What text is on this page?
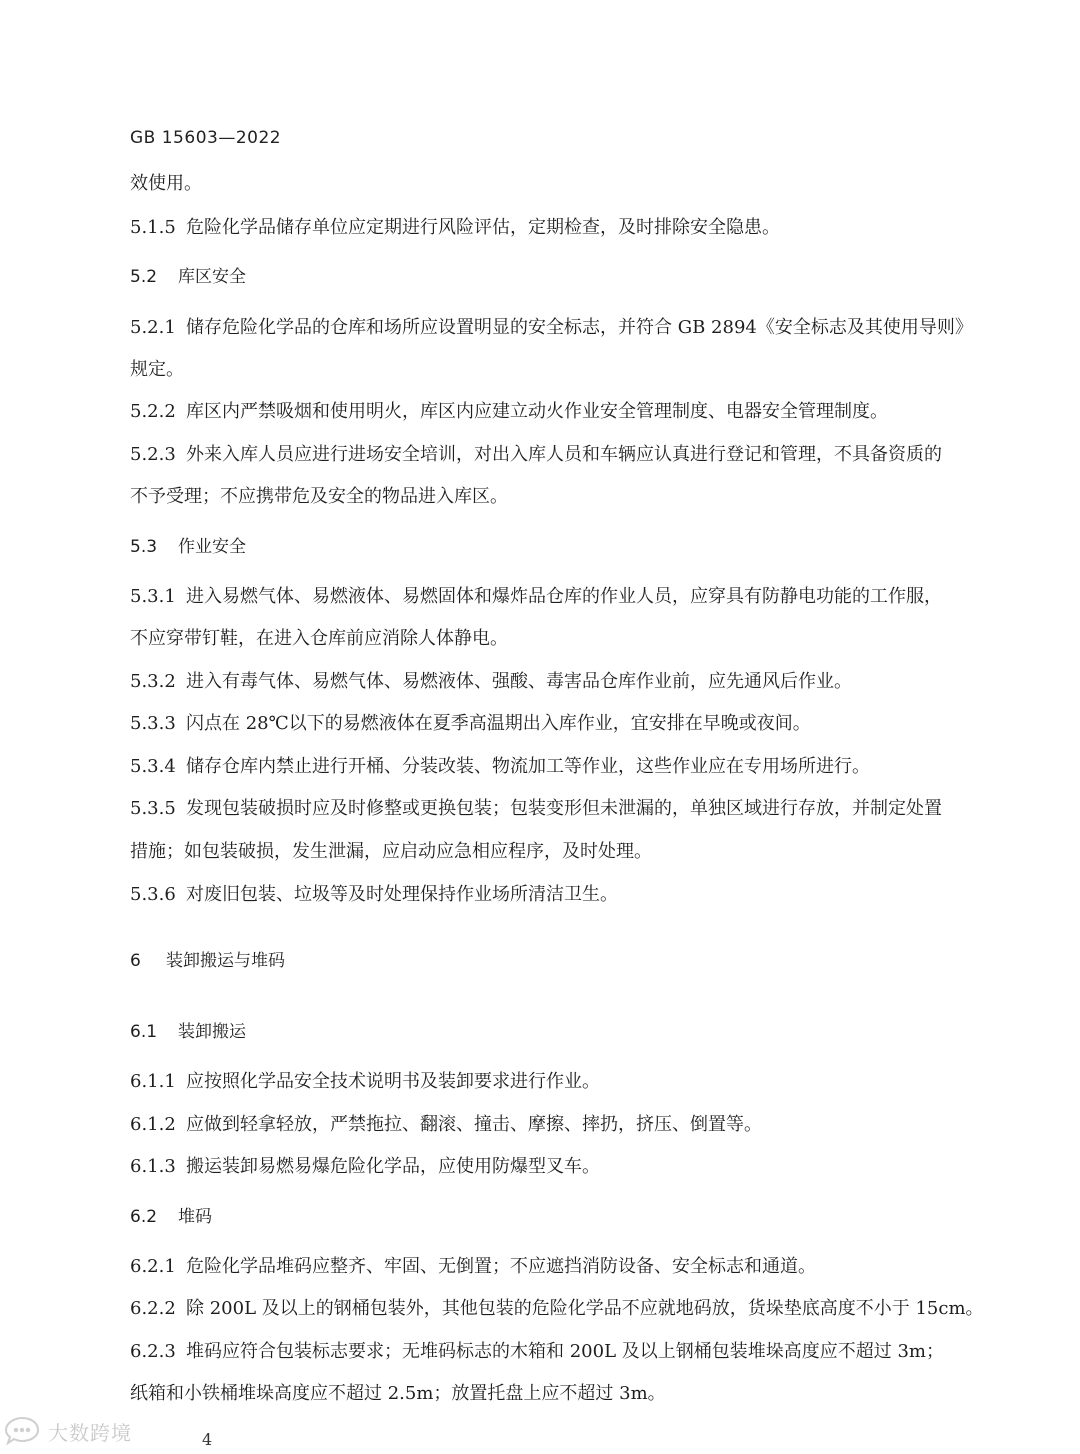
GB 15603—2022
效使用。
5.1.5 危险化学品储存单位应定期进行风险评估，定期检查，及时排除安全隐患。
5.2 库区安全
5.2.1 储存危险化学品的仓库和场所应设置明显的安全标志，并符合 GB 2894《安全标志及其使用导则》
规定。
5.2.2 库区内严禁吸烟和使用明火，库区内应建立动火作业安全管理制度、电器安全管理制度。
5.2.3 外来入库人员应进行进场安全培训，对出入库人员和车辆应认真进行登记和管理，不具备资质的
不予受理；不应携带危及安全的物品进入库区。
5.3 作业安全
5.3.1 进入易燃气体、易燃液体、易燃固体和爆炸品仓库的作业人员，应穿具有防静电功能的工作服，
不应穿带钉鞋，在进入仓库前应消除人体静电。
5.3.2 进入有毒气体、易燃气体、易燃液体、强酸、毒害品仓库作业前，应先通风后作业。
5.3.3 闪点在 28℃以下的易燃液体在夏季高温期出入库作业，宜安排在早晚或夜间。
5.3.4 储存仓库内禁止进行开桶、分装改装、物流加工等作业，这些作业应在专用场所进行。
5.3.5 发现包装破损时应及时修整或更换包装；包装变形但未泄漏的，单独区域进行存放，并制定处置
措施；如包装破损，发生泄漏，应启动应急相应程序，及时处理。
5.3.6 对废旧包装、垃圾等及时处理保持作业场所清洁卫生。
6 装卸搬运与堆码
6.1 装卸搬运
6.1.1 应按照化学品安全技术说明书及装卸要求进行作业。
6.1.2 应做到轻拿轻放，严禁拖拉、翻滚、撞击、摩擦、摔扔，挤压、倒置等。
6.1.3 搬运装卸易燃易爆危险化学品，应使用防爆型叉车。
6.2 堆码
6.2.1 危险化学品堆码应整齐、牢固、无倒置；不应遮挡消防设备、安全标志和通道。
6.2.2 除 200L 及以上的钢桶包装外，其他包装的危险化学品不应就地码放，货垛垫底高度不小于 15cm。
6.2.3 堆码应符合包装标志要求；无堆码标志的木箱和 200L 及以上钢桶包装堆垛高度应不超过 3m；
纸箱和小铁桶堆垛高度应不超过 2.5m；放置托盘上应不超过 3m。
大数跨境	4
